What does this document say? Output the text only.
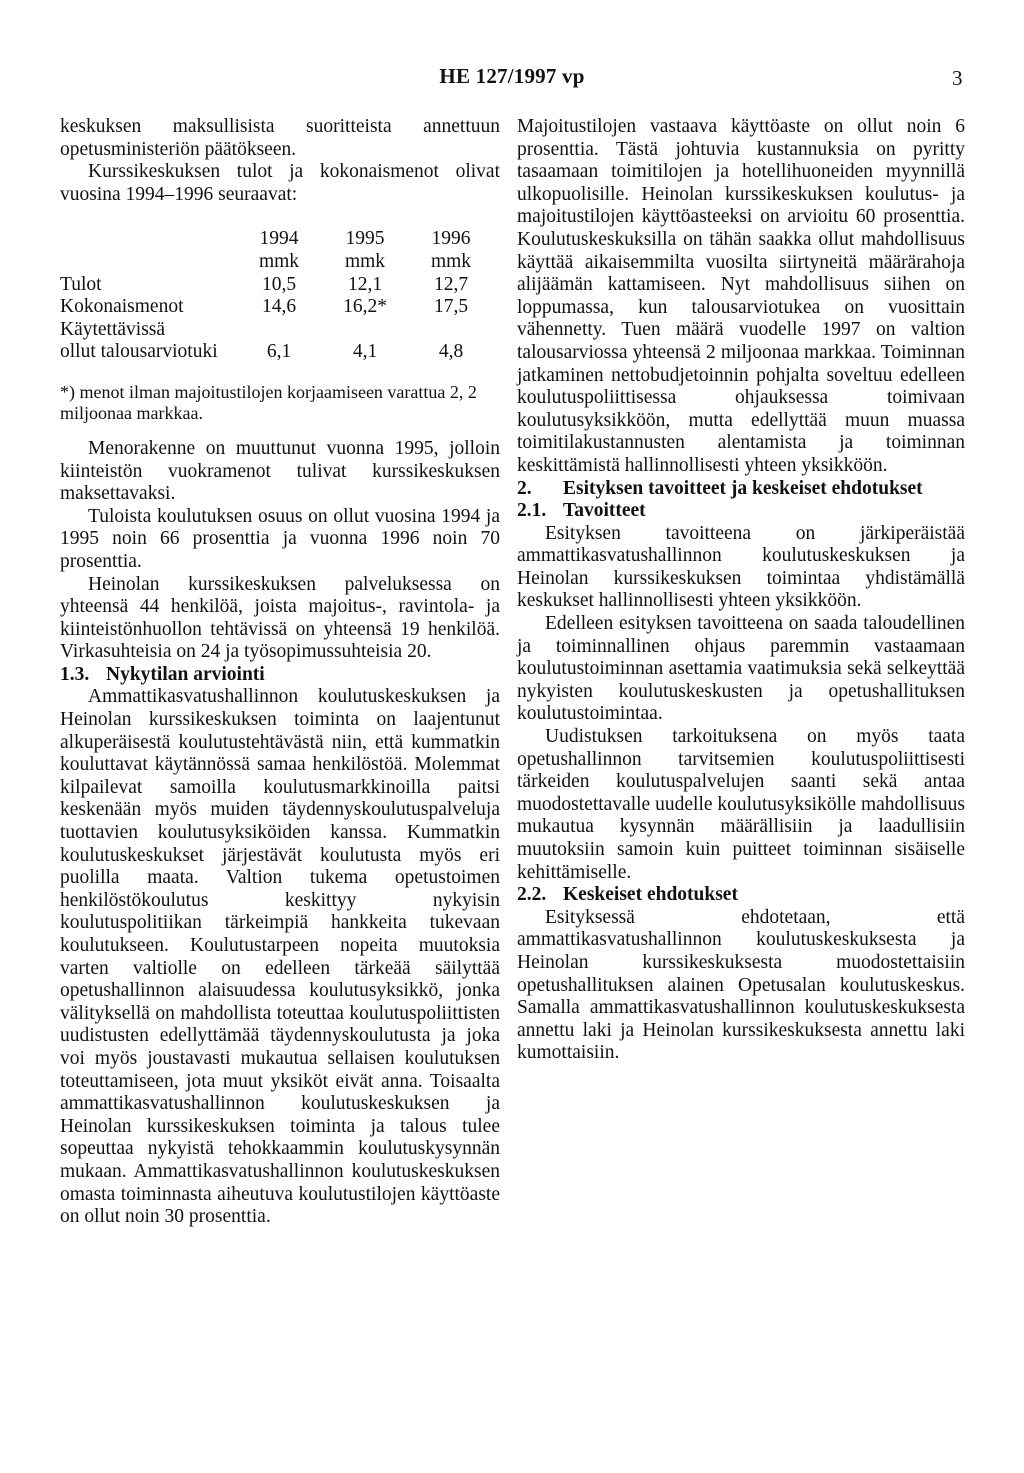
HE 127/1997 vp	3

keskuksen maksullisista suoritteista annettuun opetusministeriön päätökseen.

Kurssikeskuksen tulot ja kokonaismenot olivat vuosina 1994–1996 seuraavat:

	1994	1995	1996
	mmk	mmk	mmk
Tulot	10,5	12,1	12,7
Kokonaismenot	14,6	16,2*	17,5
Käytettävissä			
ollut talousarviotuki	6,1	4,1	4,8

*) menot ilman majoitustilojen korjaamiseen varattua 2, 2 miljoonaa markkaa.

Menorakenne on muuttunut vuonna 1995, jolloin kiinteistön vuokramenot tulivat kurssikeskuksen maksettavaksi.

Tuloista koulutuksen osuus on ollut vuosina 1994 ja 1995 noin 66 prosenttia ja vuonna 1996 noin 70 prosenttia.

Heinolan kurssikeskuksen palveluksessa on yhteensä 44 henkilöä, joista majoitus-, ravintola- ja kiinteistönhuollon tehtävissä on yhteensä 19 henkilöä. Virkasuhteisia on 24 ja työsopimussuhteisia 20.

1.3. Nykytilan arviointi

Ammattikasvatushallinnon koulutuskeskuksen ja Heinolan kurssikeskuksen toiminta on laajentunut alkuperäisestä koulutustehtävästä niin, että kummatkin kouluttavat käytännössä samaa henkilöstöä. Molemmat kilpailevat samoilla koulutusmarkkinoilla paitsi keskenään myös muiden täydennyskoulutuspalveluja tuottavien koulutusyksiköiden kanssa. Kummatkin koulutuskeskukset järjestävät koulutusta myös eri puolilla maata. Valtion tukema opetustoimen henkilöstökoulutus keskittyy nykyisin koulutuspolitiikan tärkeimpiä hankkeita tukevaan koulutukseen. Koulutustarpeen nopeita muutoksia varten valtiolle on edelleen tärkeää säilyttää opetushallinnon alaisuudessa koulutusyksikkö, jonka välityksellä on mahdollista toteuttaa koulutuspoliittisten uudistusten edellyttämää täydennyskoulutusta ja joka voi myös joustavasti mukautua sellaisen koulutuksen toteuttamiseen, jota muut yksiköt eivät anna. Toisaalta ammattikasvatushallinnon koulutuskeskuksen ja Heinolan kurssikeskuksen toiminta ja talous tulee sopeuttaa nykyistä tehokkaammin koulutuskysynnän mukaan. Ammattikasvatushallinnon koulutuskeskuksen omasta toiminnasta aiheutuva koulutustilojen käyttöaste on ollut noin 30 prosenttia.

Majoitustilojen vastaava käyttöaste on ollut noin 6 prosenttia. Tästä johtuvia kustannuksia on pyritty tasaamaan toimitilojen ja hotellihuoneiden myynnillä ulkopuolisille. Heinolan kurssikeskuksen koulutus- ja majoitustilojen käyttöasteeksi on arvioitu 60 prosenttia. Koulutuskeskuksilla on tähän saakka ollut mahdollisuus käyttää aikaisemmilta vuosilta siirtyneitä määrärahoja alijäämän kattamiseen. Nyt mahdollisuus siihen on loppumassa, kun talousarviotukea on vuosittain vähennetty. Tuen määrä vuodelle 1997 on valtion talousarviossa yhteensä 2 miljoonaa markkaa. Toiminnan jatkaminen nettobudjetoinnin pohjalta soveltuu edelleen koulutuspoliittisessa ohjauksessa toimivaan koulutusyksikköön, mutta edellyttää muun muassa toimitilakustannusten alentamista ja toiminnan keskittämistä hallinnollisesti yhteen yksikköön.

2.	Esityksen tavoitteet ja keskeiset ehdotukset
2.1. Tavoitteet

Esityksen tavoitteena on järkiperäistää ammattikasvatushallinnon koulutuskeskuksen ja Heinolan kurssikeskuksen toimintaa yhdistämällä keskukset hallinnollisesti yhteen yksikköön.

Edelleen esityksen tavoitteena on saada taloudellinen ja toiminnallinen ohjaus paremmin vastaamaan koulutustoiminnan asettamia vaatimuksia sekä selkeyttää nykyisten koulutuskeskusten ja opetushallituksen koulutustoimintaa.

Uudistuksen tarkoituksena on myös taata opetushallinnon tarvitsemien koulutuspoliittisesti tärkeiden koulutuspalvelujen saanti sekä antaa muodostettavalle uudelle koulutusyksikölle mahdollisuus mukautua kysynnän määrällisiin ja laadullisiin muutoksiin samoin kuin puitteet toiminnan sisäiselle kehittämiselle.

2.2. Keskeiset ehdotukset

Esityksessä ehdotetaan, että ammattikasvatushallinnon koulutuskeskuksesta ja Heinolan kurssikeskuksesta muodostettaisiin opetushallituksen alainen Opetusalan koulutuskeskus. Samalla ammattikasvatushallinnon koulutuskeskuksesta annettu laki ja Heinolan kurssikeskuksesta annettu laki kumottaisiin.
